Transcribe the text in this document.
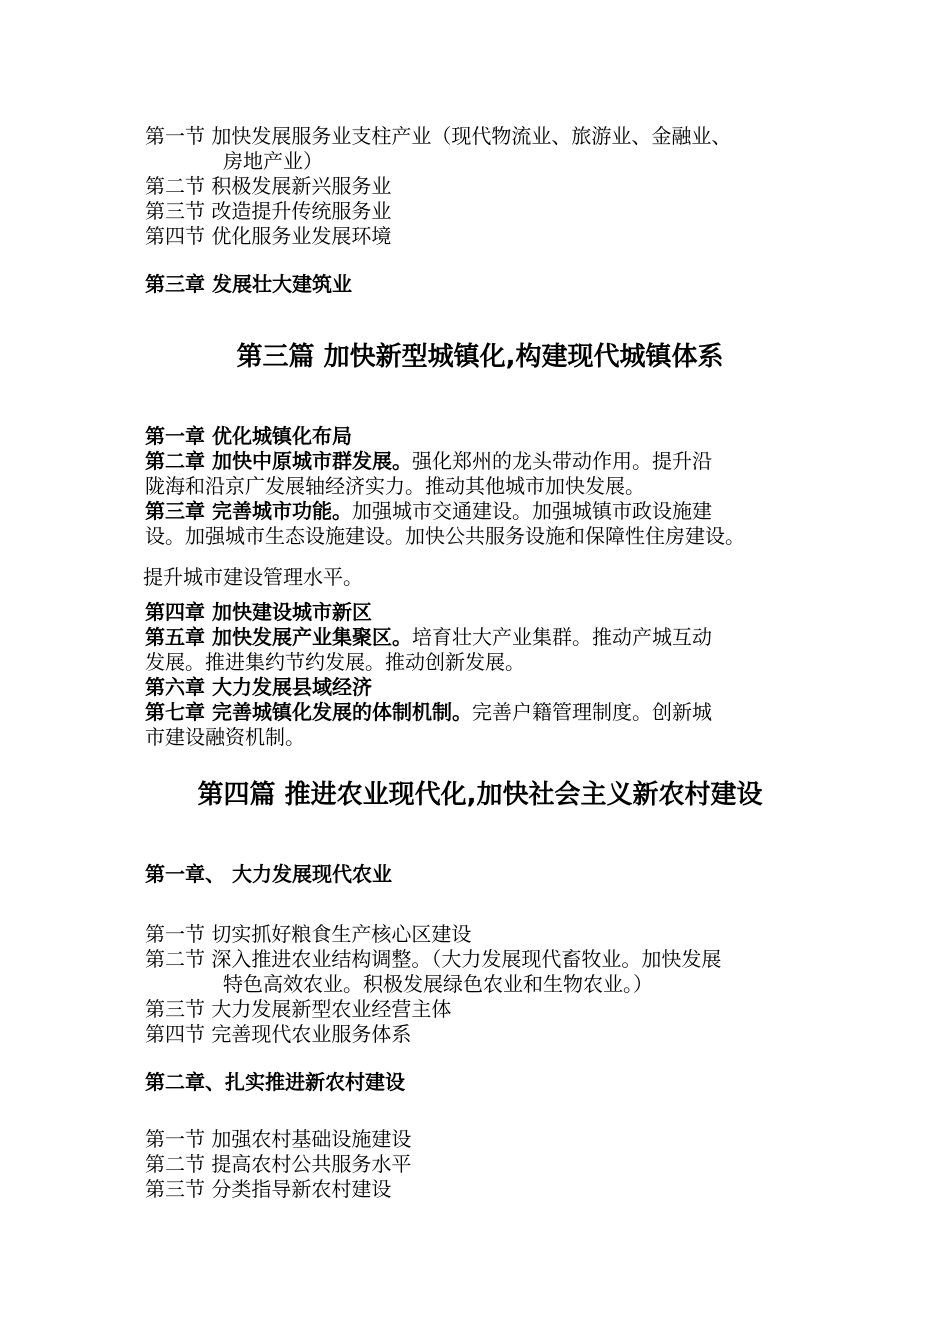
第一节 加快发展服务业支柱产业（现代物流业、旅游业、金融业、
房地产业）
第二节 积极发展新兴服务业
第三节 改造提升传统服务业
第四节 优化服务业发展环境
第三章 发展壮大建筑业
第三篇 加快新型城镇化,构建现代城镇体系
第一章 优化城镇化布局
第二章 加快中原城市群发展。强化郑州的龙头带动作用。提升沿
陇海和沿京广发展轴经济实力。推动其他城市加快发展。
第三章 完善城市功能。加强城市交通建设。加强城镇市政设施建
设。加强城市生态设施建设。加快公共服务设施和保障性住房建设。
提升城市建设管理水平。
第四章 加快建设城市新区
第五章 加快发展产业集聚区。培育壮大产业集群。推动产城互动
发展。推进集约节约发展。推动创新发展。
第六章 大力发展县域经济
第七章 完善城镇化发展的体制机制。完善户籍管理制度。创新城
市建设融资机制。
第四篇 推进农业现代化,加快社会主义新农村建设
第一章、 大力发展现代农业
第一节 切实抓好粮食生产核心区建设
第二节 深入推进农业结构调整。（大力发展现代畜牧业。加快发展
特色高效农业。积极发展绿色农业和生物农业。）
第三节 大力发展新型农业经营主体
第四节 完善现代农业服务体系
第二章、扎实推进新农村建设
第一节 加强农村基础设施建设
第二节 提高农村公共服务水平
第三节 分类指导新农村建设
